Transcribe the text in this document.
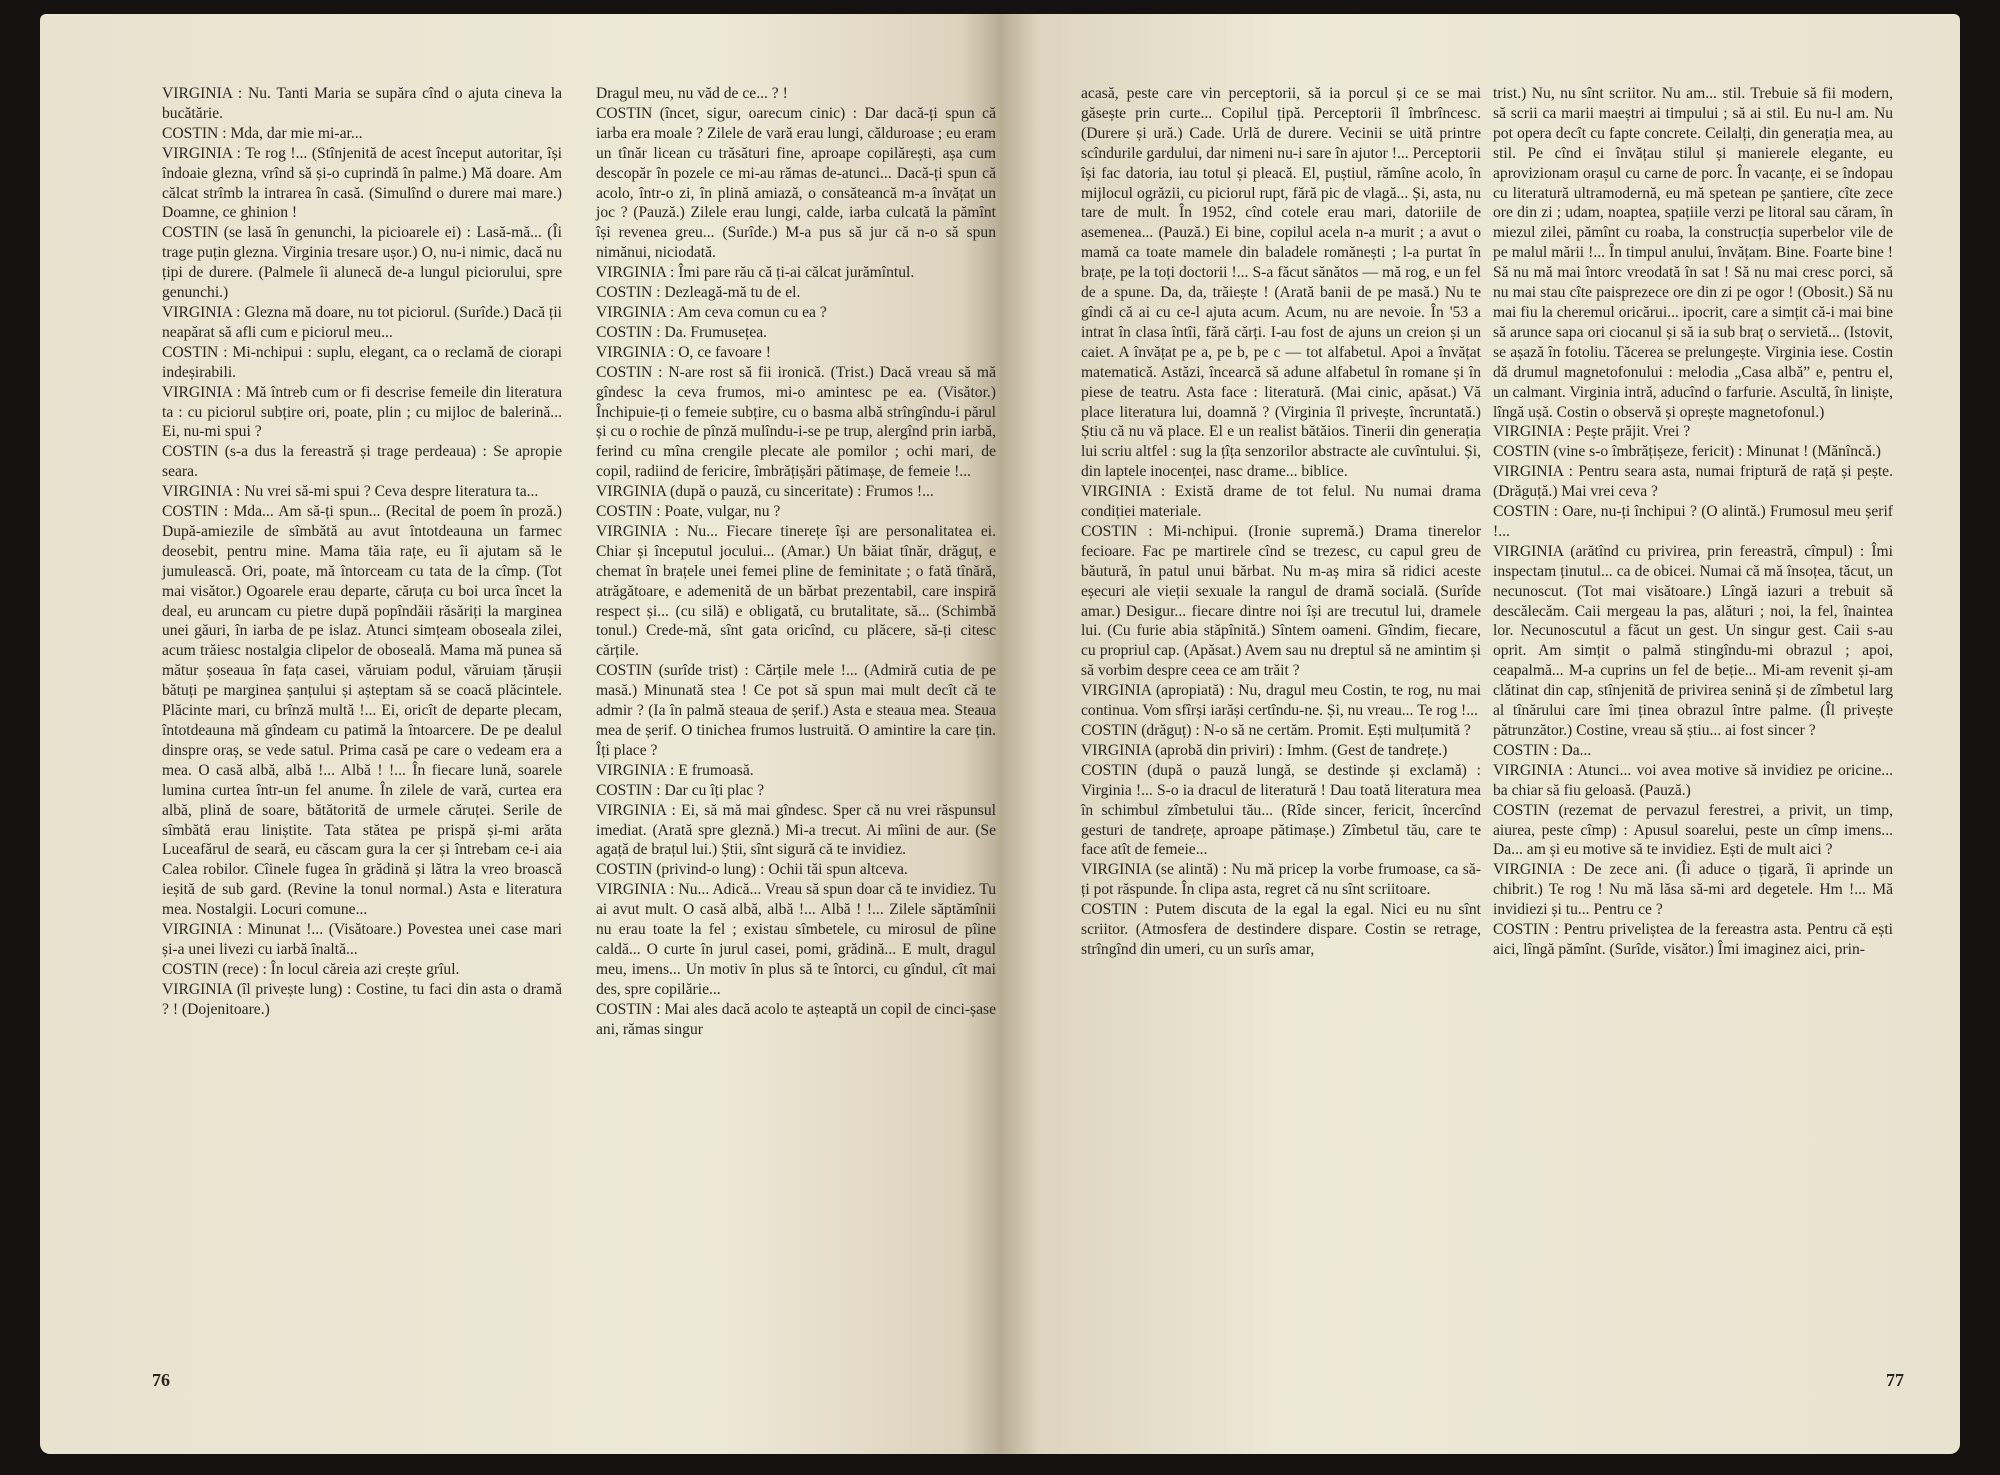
VIRGINIA : Nu. Tanti Maria se supăra cînd o ajuta cineva la bucătărie.
COSTIN : Mda, dar mie mi-ar...
VIRGINIA : Te rog !... (Stînjenită de acest început autoritar, își îndoaie glezna, vrînd să și-o cuprindă în palme.) Mă doare. Am călcat strîmb la intrarea în casă. (Simulînd o durere mai mare.) Doamne, ce ghinion !
COSTIN (se lasă în genunchi, la picioarele ei) : Lasă-mă... (Îi trage puțin glezna. Virginia tresare ușor.) O, nu-i nimic, dacă nu țipi de durere. (Palmele îi alunecă de-a lungul piciorului, spre genunchi.)
VIRGINIA : Glezna mă doare, nu tot piciorul. (Surîde.) Dacă ții neapărat să afli cum e piciorul meu...
COSTIN : Mi-nchipui : suplu, elegant, ca o reclamă de ciorapi indeșirabili.
VIRGINIA : Mă întreb cum or fi descrise femeile din literatura ta : cu piciorul subțire ori, poate, plin ; cu mijloc de balerină... Ei, nu-mi spui ?
COSTIN (s-a dus la fereastră și trage perdeaua) : Se apropie seara.
VIRGINIA : Nu vrei să-mi spui ? Ceva despre literatura ta...
COSTIN : Mda... Am să-ți spun... (Recital de poem în proză.) După-amiezile de sîmbătă au avut întotdeauna un farmec deosebit, pentru mine. Mama tăia rațe, eu îi ajutam să le jumulească. Ori, poate, mă întorceam cu tata de la cîmp. (Tot mai visător.) Ogoarele erau departe, căruța cu boi urca încet la deal, eu aruncam cu pietre după popîndăii răsăriți la marginea unei găuri, în iarba de pe islaz. Atunci simțeam oboseala zilei, acum trăiesc nostalgia clipelor de oboseală. Mama mă punea să mătur șoseaua în fața casei, văruiam podul, văruiam țărușii bătuți pe marginea șanțului și așteptam să se coacă plăcintele. Plăcinte mari, cu brînză multă !... Ei, oricît de departe plecam, întotdeauna mă gîndeam cu patimă la întoarcere. De pe dealul dinspre oraș, se vede satul. Prima casă pe care o vedeam era a mea. O casă albă, albă !... Albă ! !... În fiecare lună, soarele lumina curtea într-un fel anume. În zilele de vară, curtea era albă, plină de soare, bătătorită de urmele căruței. Serile de sîmbătă erau liniștite. Tata stătea pe prispă și-mi arăta Luceafărul de seară, eu căscam gura la cer și întrebam ce-i aia Calea robilor. Cîinele fugea în grădină și lătra la vreo broască ieșită de sub gard. (Revine la tonul normal.) Asta e literatura mea. Nostalgii. Locuri comune...
VIRGINIA : Minunat !... (Visătoare.) Povestea unei case mari și-a unei livezi cu iarbă înaltă...
COSTIN (rece) : În locul căreia azi crește grîul.
VIRGINIA (îl privește lung) : Costine, tu faci din asta o dramă ? ! (Dojenitoare.)
Dragul meu, nu văd de ce... ? !
COSTIN (încet, sigur, oarecum cinic) : Dar dacă-ți spun că iarba era moale ? Zilele de vară erau lungi, călduroase ; eu eram un tînăr licean cu trăsături fine, aproape copilărești, așa cum descopăr în pozele ce mi-au rămas de-atunci... Dacă-ți spun că acolo, într-o zi, în plină amiază, o consăteancă m-a învățat un joc ? (Pauză.) Zilele erau lungi, calde, iarba culcată la pămînt își revenea greu... (Surîde.) M-a pus să jur că n-o să spun nimănui, niciodată.
VIRGINIA : Îmi pare rău că ți-ai călcat jurămîntul.
COSTIN : Dezleagă-mă tu de el.
VIRGINIA : Am ceva comun cu ea ?
COSTIN : Da. Frumusețea.
VIRGINIA : O, ce favoare !
COSTIN : N-are rost să fii ironică. (Trist.) Dacă vreau să mă gîndesc la ceva frumos, mi-o amintesc pe ea. (Visător.) Închipuie-ți o femeie subțire, cu o basma albă strîngîndu-i părul și cu o rochie de pînză mulîndu-i-se pe trup, alergînd prin iarbă, ferind cu mîna crengile plecate ale pomilor ; ochi mari, de copil, radiind de fericire, îmbrățișări pătimașe, de femeie !...
VIRGINIA (după o pauză, cu sinceritate) : Frumos !...
COSTIN : Poate, vulgar, nu ?
VIRGINIA : Nu... Fiecare tinerețe își are personalitatea ei. Chiar și începutul jocului... (Amar.) Un băiat tînăr, drăguț, e chemat în brațele unei femei pline de feminitate ; o fată tînără, atrăgătoare, e ademenită de un bărbat prezentabil, care inspiră respect și... (cu silă) e obligată, cu brutalitate, să... (Schimbă tonul.) Crede-mă, sînt gata oricînd, cu plăcere, să-ți citesc cărțile.
COSTIN (surîde trist) : Cărțile mele !... (Admiră cutia de pe masă.) Minunată stea ! Ce pot să spun mai mult decît că te admir ? (Ia în palmă steaua de șerif.) Asta e steaua mea. Steaua mea de șerif. O tinichea frumos lustruită. O amintire la care țin. Îți place ?
VIRGINIA : E frumoasă.
COSTIN : Dar cu îți plac ?
VIRGINIA : Ei, să mă mai gîndesc. Sper că nu vrei răspunsul imediat. (Arată spre gleznă.) Mi-a trecut. Ai mîini de aur. (Se agață de brațul lui.) Știi, sînt sigură că te invidiez.
COSTIN (privind-o lung) : Ochii tăi spun altceva.
VIRGINIA : Nu... Adică... Vreau să spun doar că te invidiez. Tu ai avut mult. O casă albă, albă !... Albă ! !... Zilele săptămînii nu erau toate la fel ; existau sîmbetele, cu mirosul de pîine caldă... O curte în jurul casei, pomi, grădină... E mult, dragul meu, imens... Un motiv în plus să te întorci, cu gîndul, cît mai des, spre copilărie...
COSTIN : Mai ales dacă acolo te așteaptă un copil de cinci-șase ani, rămas singur
76
acasă, peste care vin perceptorii, să ia porcul și ce se mai găsește prin curte... Copilul țipă. Perceptorii îl îmbrîncesc. (Durere și ură.) Cade. Urlă de durere. Vecinii se uită printre scîndurile gardului, dar nimeni nu-i sare în ajutor !... Perceptorii își fac datoria, iau totul și pleacă. El, puștiul, rămîne acolo, în mijlocul ogrăzii, cu piciorul rupt, fără pic de vlagă... Și, asta, nu tare de mult. În 1952, cînd cotele erau mari, datoriile de asemenea... (Pauză.) Ei bine, copilul acela n-a murit ; a avut o mamă ca toate mamele din baladele romănești ; l-a purtat în brațe, pe la toți doctorii !... S-a făcut sănătos — mă rog, e un fel de a spune. Da, da, trăiește ! (Arată banii de pe masă.) Nu te gîndi că ai cu ce-l ajuta acum. Acum, nu are nevoie. În '53 a intrat în clasa întîi, fără cărți. I-au fost de ajuns un creion și un caiet. A învățat pe a, pe b, pe c — tot alfabetul. Apoi a învățat matematică. Astăzi, încearcă să adune alfabetul în romane și în piese de teatru. Asta face : literatură. (Mai cinic, apăsat.) Vă place literatura lui, doamnă ? (Virginia îl privește, încruntată.) Știu că nu vă place. El e un realist bătăios. Tinerii din generația lui scriu altfel : sug la țîța senzorilor abstracte ale cuvîntului. Și, din laptele inocenței, nasc drame... biblice.
VIRGINIA : Există drame de tot felul. Nu numai drama condiției materiale.
COSTIN : Mi-nchipui. (Ironie supremă.) Drama tinerelor fecioare. Fac pe martirele cînd se trezesc, cu capul greu de băutură, în patul unui bărbat. Nu m-aș mira să ridici aceste eșecuri ale vieții sexuale la rangul de dramă socială. (Surîde amar.) Desigur... fiecare dintre noi își are trecutul lui, dramele lui. (Cu furie abia stăpînită.) Sîntem oameni. Gîndim, fiecare, cu propriul cap. (Apăsat.) Avem sau nu dreptul să ne amintim și să vorbim despre ceea ce am trăit ?
VIRGINIA (apropiată) : Nu, dragul meu Costin, te rog, nu mai continua. Vom sfîrși iarăși certîndu-ne. Și, nu vreau... Te rog !...
COSTIN (drăguț) : N-o să ne certăm. Promit. Ești mulțumită ?
VIRGINIA (aprobă din priviri) : Imhm. (Gest de tandrețe.)
COSTIN (după o pauză lungă, se destinde și exclamă) : Virginia !... S-o ia dracul de literatură ! Dau toată literatura mea în schimbul zîmbetului tău... (Rîde sincer, fericit, încercînd gesturi de tandrețe, aproape pătimașe.) Zîmbetul tău, care te face atît de femeie...
VIRGINIA (se alintă) : Nu mă pricep la vorbe frumoase, ca să-ți pot răspunde. În clipa asta, regret că nu sînt scriitoare.
COSTIN : Putem discuta de la egal la egal. Nici eu nu sînt scriitor. (Atmosfera de destindere dispare. Costin se retrage, strîngînd din umeri, cu un surîs amar,
trist.) Nu, nu sînt scriitor. Nu am... stil. Trebuie să fii modern, să scrii ca marii maeștri ai timpului ; să ai stil. Eu nu-l am. Nu pot opera decît cu fapte concrete. Ceilalți, din generația mea, au stil. Pe cînd ei învățau stilul și manierele elegante, eu aprovizionam orașul cu carne de porc. În vacanțe, ei se îndopau cu literatură ultramodernă, eu mă spetean pe șantiere, cîte zece ore din zi ; udam, noaptea, spațiile verzi pe litoral sau căram, în miezul zilei, pămînt cu roaba, la construcția superbelor vile de pe malul mării !... În timpul anului, învățam. Bine. Foarte bine ! Să nu mă mai întorc vreodată în sat ! Să nu mai cresc porci, să nu mai stau cîte paisprezece ore din zi pe ogor ! (Obosit.) Să nu mai fiu la cheremul oricărui... ipocrit, care a simțit că-i mai bine să arunce sapa ori ciocanul și să ia sub braț o servietă... (Istovit, se așază în fotoliu. Tăcerea se prelungește. Virginia iese. Costin dă drumul magnetofonului : melodia „Casa albă” e, pentru el, un calmant. Virginia intră, aducînd o farfurie. Ascultă, în liniște, lîngă ușă. Costin o observă și oprește magnetofonul.)
VIRGINIA : Pește prăjit. Vrei ?
COSTIN (vine s-o îmbrățișeze, fericit) : Minunat ! (Mănîncă.)
VIRGINIA : Pentru seara asta, numai friptură de rață și pește. (Drăguță.) Mai vrei ceva ?
COSTIN : Oare, nu-ți închipui ? (O alintă.) Frumosul meu șerif !...
VIRGINIA (arătînd cu privirea, prin fereastră, cîmpul) : Îmi inspectam ținutul... ca de obicei. Numai că mă însoțea, tăcut, un necunoscut. (Tot mai visătoare.) Lîngă iazuri a trebuit să descălecăm. Caii mergeau la pas, alături ; noi, la fel, înaintea lor. Necunoscutul a făcut un gest. Un singur gest. Caii s-au oprit. Am simțit o palmă stingîndu-mi obrazul ; apoi, ceapalmă... M-a cuprins un fel de beție... Mi-am revenit și-am clătinat din cap, stînjenită de privirea senină și de zîmbetul larg al tînărului care îmi ținea obrazul între palme. (Îl privește pătrunzător.) Costine, vreau să știu... ai fost sincer ?
COSTIN : Da...
VIRGINIA : Atunci... voi avea motive să invidiez pe oricine... ba chiar să fiu geloasă. (Pauză.)
COSTIN (rezemat de pervazul ferestrei, a privit, un timp, aiurea, peste cîmp) : Apusul soarelui, peste un cîmp imens... Da... am și eu motive să te invidiez. Ești de mult aici ?
VIRGINIA : De zece ani. (Îi aduce o țigară, îi aprinde un chibrit.) Te rog ! Nu mă lăsa să-mi ard degetele. Hm !... Mă invidiezi și tu... Pentru ce ?
COSTIN : Pentru priveliștea de la fereastra asta. Pentru că ești aici, lîngă pămînt. (Surîde, visător.) Îmi imaginez aici, prin-
77
